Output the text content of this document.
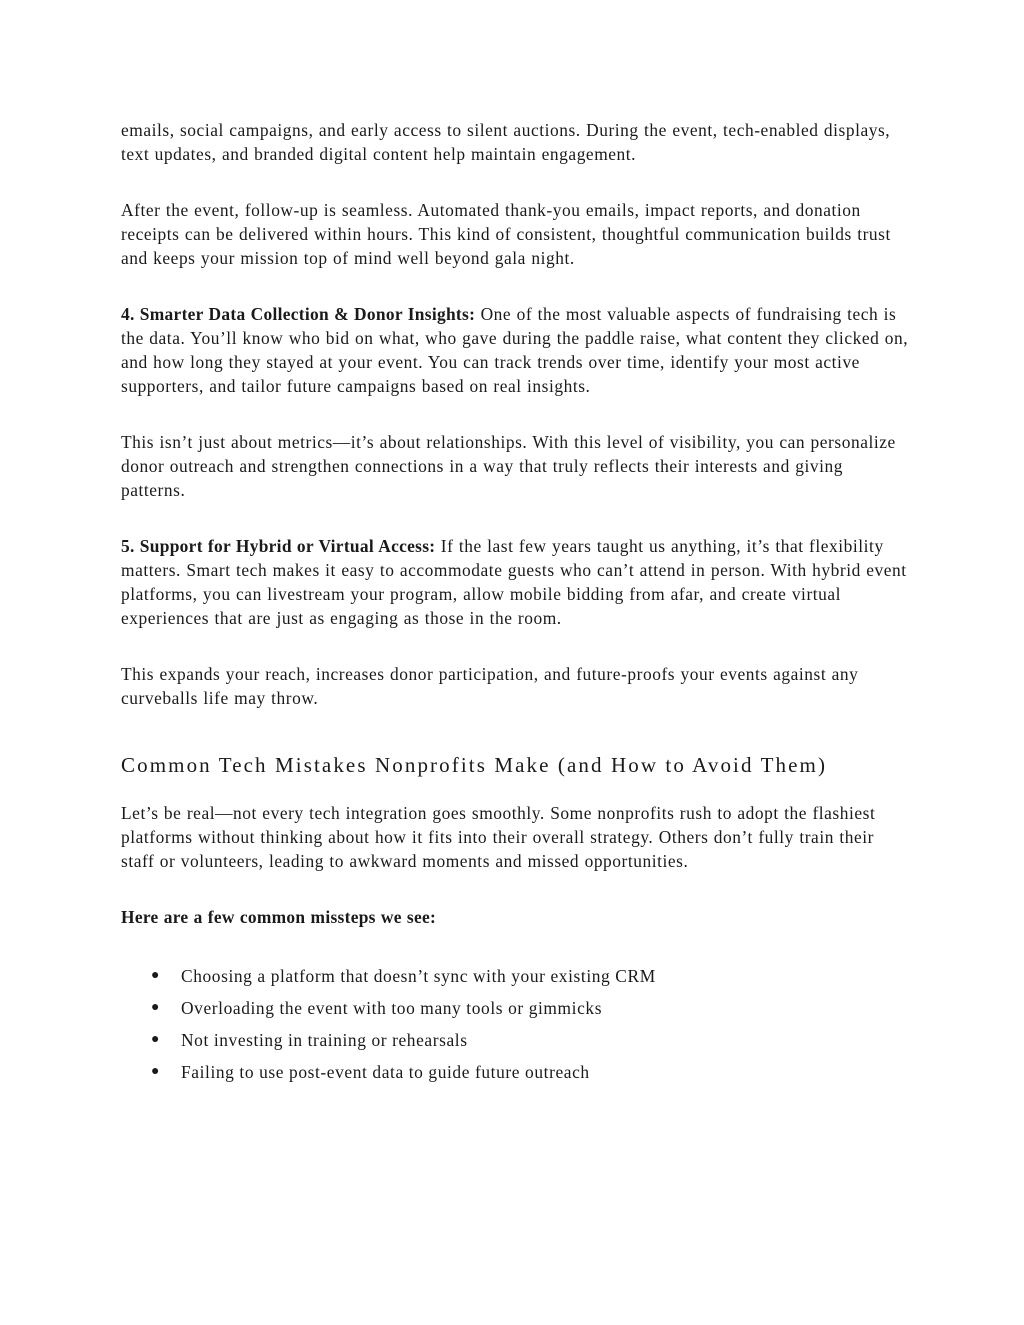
emails, social campaigns, and early access to silent auctions. During the event, tech-enabled displays, text updates, and branded digital content help maintain engagement.

After the event, follow-up is seamless. Automated thank-you emails, impact reports, and donation receipts can be delivered within hours. This kind of consistent, thoughtful communication builds trust and keeps your mission top of mind well beyond gala night.

4. Smarter Data Collection & Donor Insights: One of the most valuable aspects of fundraising tech is the data. You’ll know who bid on what, who gave during the paddle raise, what content they clicked on, and how long they stayed at your event. You can track trends over time, identify your most active supporters, and tailor future campaigns based on real insights.

This isn’t just about metrics—it’s about relationships. With this level of visibility, you can personalize donor outreach and strengthen connections in a way that truly reflects their interests and giving patterns.

5. Support for Hybrid or Virtual Access: If the last few years taught us anything, it’s that flexibility matters. Smart tech makes it easy to accommodate guests who can’t attend in person. With hybrid event platforms, you can livestream your program, allow mobile bidding from afar, and create virtual experiences that are just as engaging as those in the room.

This expands your reach, increases donor participation, and future-proofs your events against any curveballs life may throw.

Common Tech Mistakes Nonprofits Make (and How to Avoid Them)

Let’s be real—not every tech integration goes smoothly. Some nonprofits rush to adopt the flashiest platforms without thinking about how it fits into their overall strategy. Others don’t fully train their staff or volunteers, leading to awkward moments and missed opportunities.

Here are a few common missteps we see:

● Choosing a platform that doesn’t sync with your existing CRM
● Overloading the event with too many tools or gimmicks
● Not investing in training or rehearsals
● Failing to use post-event data to guide future outreach
